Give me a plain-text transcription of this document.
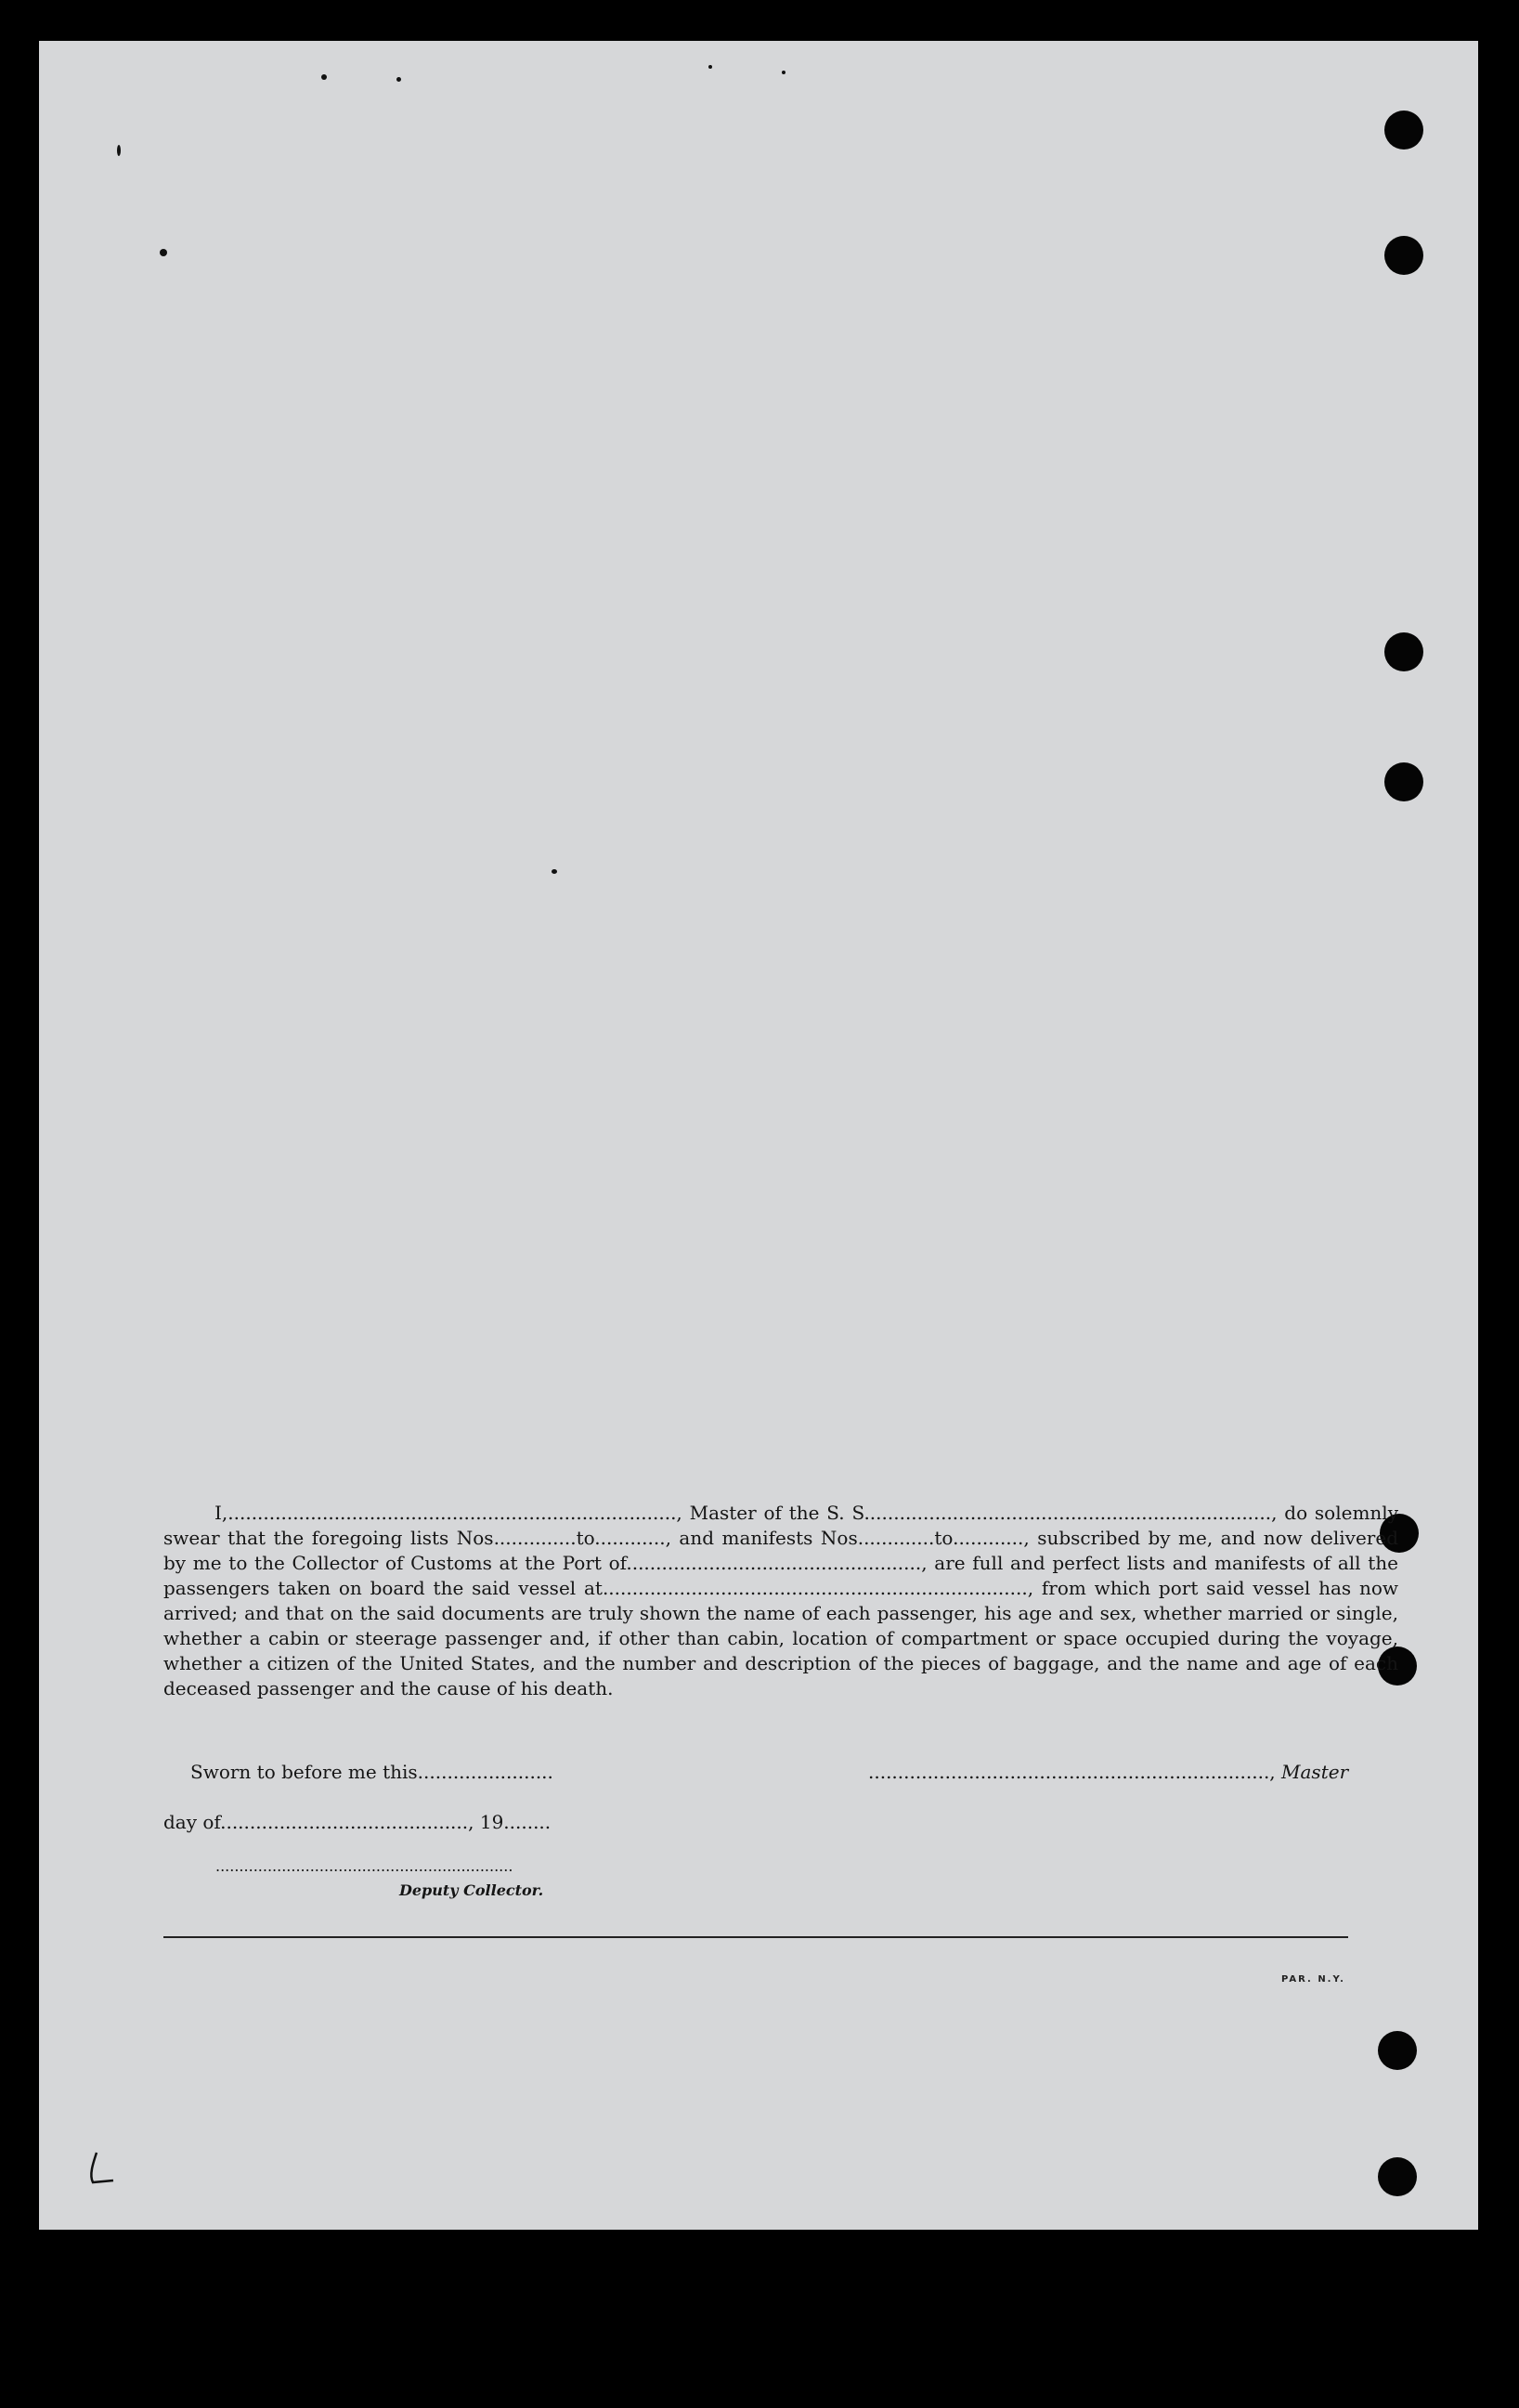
I,............................................................................, Master of the S. S....................................................................., do solemnly swear that the foregoing lists Nos..............to............, and manifests Nos.............to............, subscribed by me, and now delivered by me to the Collector of Customs at the Port of.................................................., are full and perfect lists and manifests of all the passengers taken on board the said vessel at........................................................................, from which port said vessel has now arrived; and that on the said documents are truly shown the name of each passenger, his age and sex, whether married or single, whether a cabin or steerage passenger and, if other than cabin, location of compartment or space occupied during the voyage, whether a citizen of the United States, and the number and description of the pieces of baggage, and the name and age of each deceased passenger and the cause of his death.

Sworn to before me this.......................	...................................................................., Master
day of.........................................., 19........
...............................................................
Deputy Collector.
PAR. N.Y.
